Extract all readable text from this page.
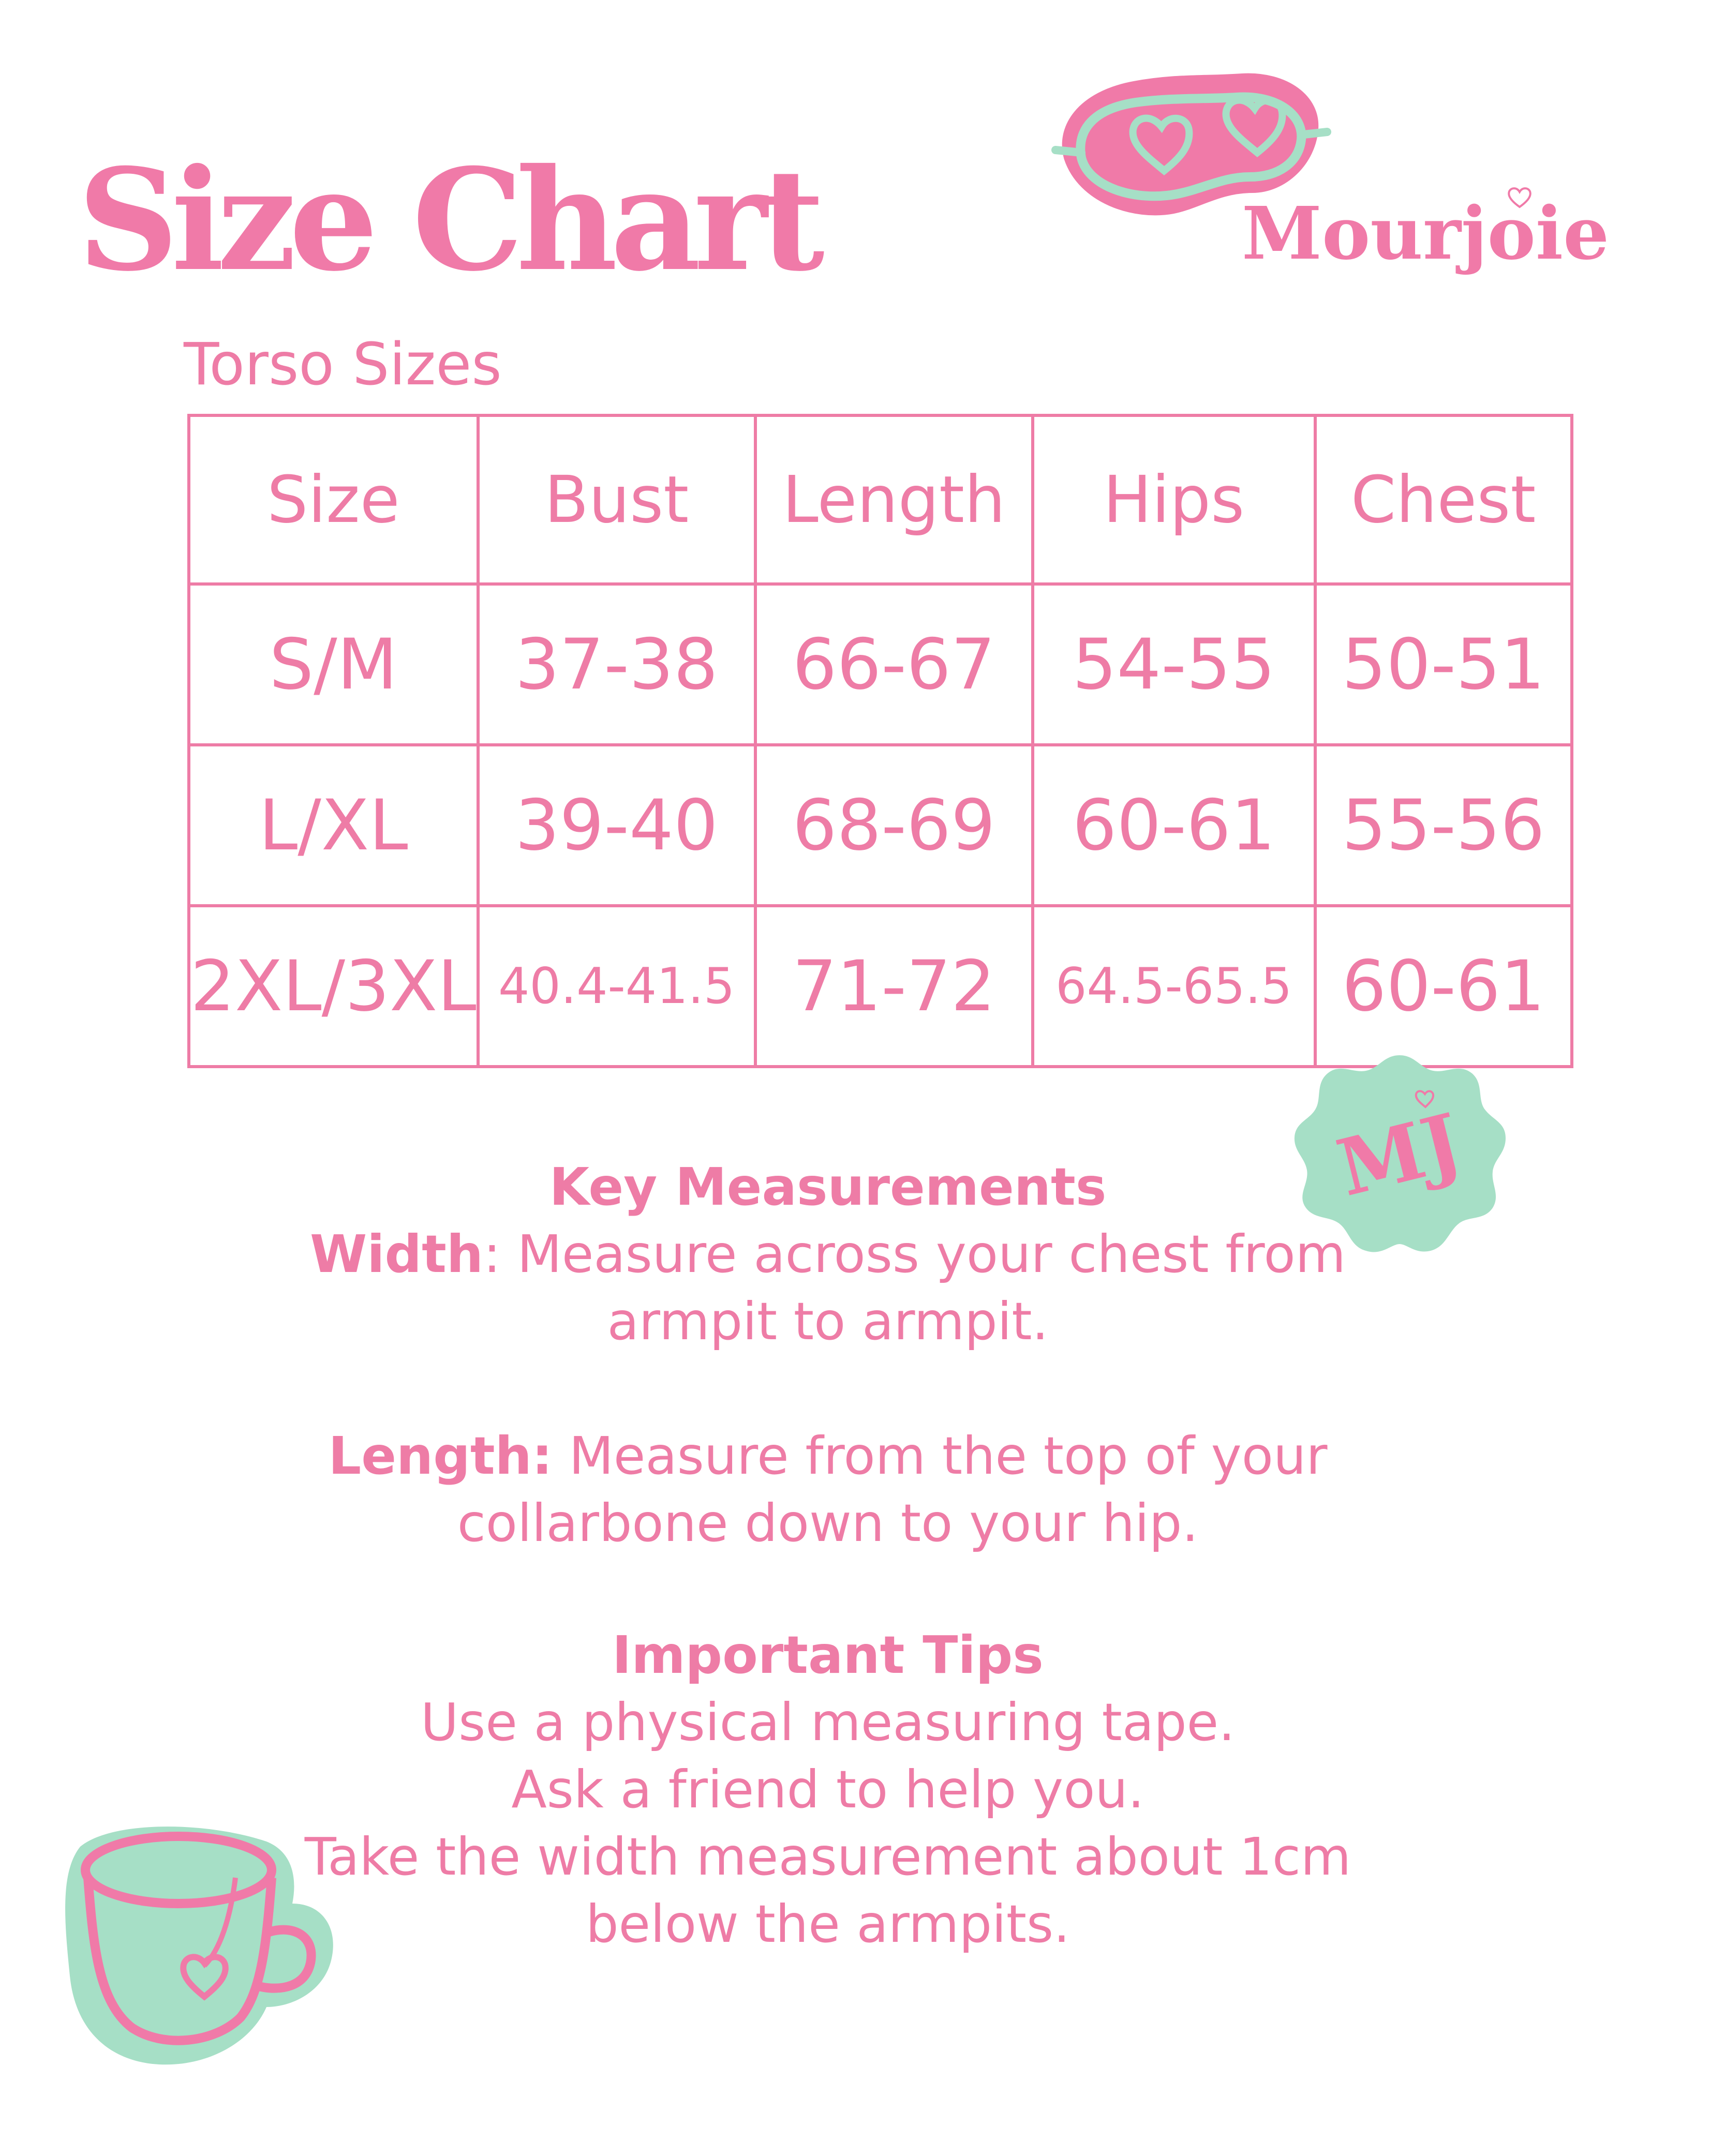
Size Chart	Mourjoie
Torso Sizes
Size	Bust	Length	Hips	Chest
S/M	37-38	66-67	54-55	50-51
L/XL	39-40	68-69	60-61	55-56
2XL/3XL	40.4-41.5	71-72	64.5-65.5	60-61
MJ
Key Measurements
Width: Measure across your chest from
armpit to armpit.
Length: Measure from the top of your
collarbone down to your hip.
Important Tips
Use a physical measuring tape.
Ask a friend to help you.
Take the width measurement about 1cm
below the armpits.
